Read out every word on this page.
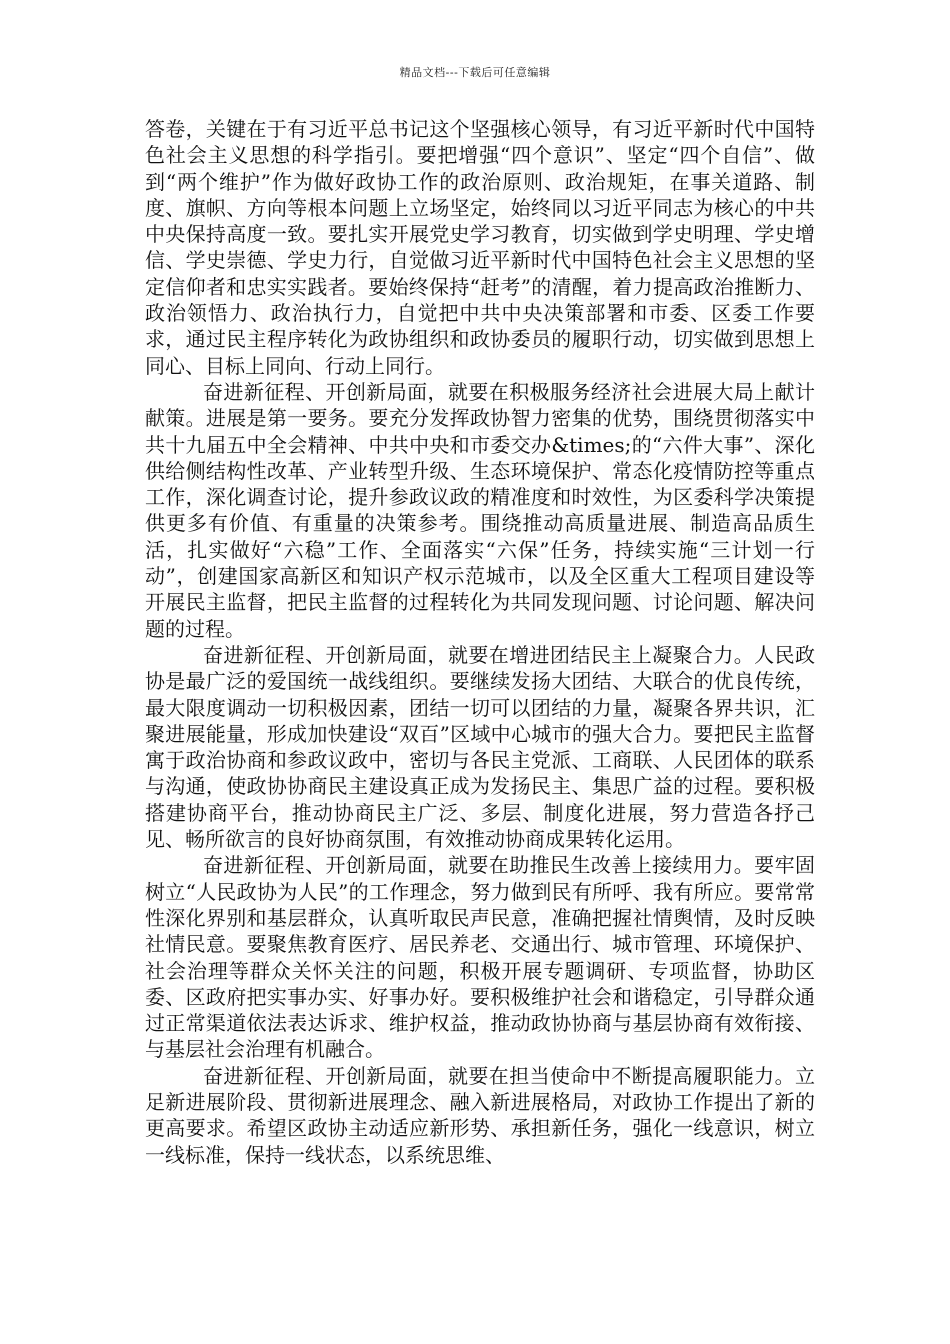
精品文档---下载后可任意编辑

答卷，关键在于有习近平总书记这个坚强核心领导，有习近平新时代中国特色社会主义思想的科学指引。要把增强“四个意识”、坚定“四个自信”、做到“两个维护”作为做好政协工作的政治原则、政治规矩，在事关道路、制度、旗帜、方向等根本问题上立场坚定，始终同以习近平同志为核心的中共中央保持高度一致。要扎实开展党史学习教育，切实做到学史明理、学史增信、学史崇德、学史力行，自觉做习近平新时代中国特色社会主义思想的坚定信仰者和忠实实践者。要始终保持“赶考”的清醒，着力提高政治推断力、政治领悟力、政治执行力，自觉把中共中央决策部署和市委、区委工作要求，通过民主程序转化为政协组织和政协委员的履职行动，切实做到思想上同心、目标上同向、行动上同行。

奋进新征程、开创新局面，就要在积极服务经济社会进展大局上献计献策。进展是第一要务。要充分发挥政协智力密集的优势，围绕贯彻落实中共十九届五中全会精神、中共中央和市委交办&times;的“六件大事”、深化供给侧结构性改革、产业转型升级、生态环境保护、常态化疫情防控等重点工作，深化调查讨论，提升参政议政的精准度和时效性，为区委科学决策提供更多有价值、有重量的决策参考。围绕推动高质量进展、制造高品质生活，扎实做好“六稳”工作、全面落实“六保”任务，持续实施“三计划一行动”，创建国家高新区和知识产权示范城市，以及全区重大工程项目建设等开展民主监督，把民主监督的过程转化为共同发现问题、讨论问题、解决问题的过程。

奋进新征程、开创新局面，就要在增进团结民主上凝聚合力。人民政协是最广泛的爱国统一战线组织。要继续发扬大团结、大联合的优良传统，最大限度调动一切积极因素，团结一切可以团结的力量，凝聚各界共识，汇聚进展能量，形成加快建设“双百”区域中心城市的强大合力。要把民主监督寓于政治协商和参政议政中，密切与各民主党派、工商联、人民团体的联系与沟通，使政协协商民主建设真正成为发扬民主、集思广益的过程。要积极搭建协商平台，推动协商民主广泛、多层、制度化进展，努力营造各抒己见、畅所欲言的良好协商氛围，有效推动协商成果转化运用。

奋进新征程、开创新局面，就要在助推民生改善上接续用力。要牢固树立“人民政协为人民”的工作理念，努力做到民有所呼、我有所应。要常常性深化界别和基层群众，认真听取民声民意，准确把握社情舆情，及时反映社情民意。要聚焦教育医疗、居民养老、交通出行、城市管理、环境保护、社会治理等群众关怀关注的问题，积极开展专题调研、专项监督，协助区委、区政府把实事办实、好事办好。要积极维护社会和谐稳定，引导群众通过正常渠道依法表达诉求、维护权益，推动政协协商与基层协商有效衔接、与基层社会治理有机融合。

奋进新征程、开创新局面，就要在担当使命中不断提高履职能力。立足新进展阶段、贯彻新进展理念、融入新进展格局，对政协工作提出了新的更高要求。希望区政协主动适应新形势、承担新任务，强化一线意识，树立一线标准，保持一线状态，以系统思维、
